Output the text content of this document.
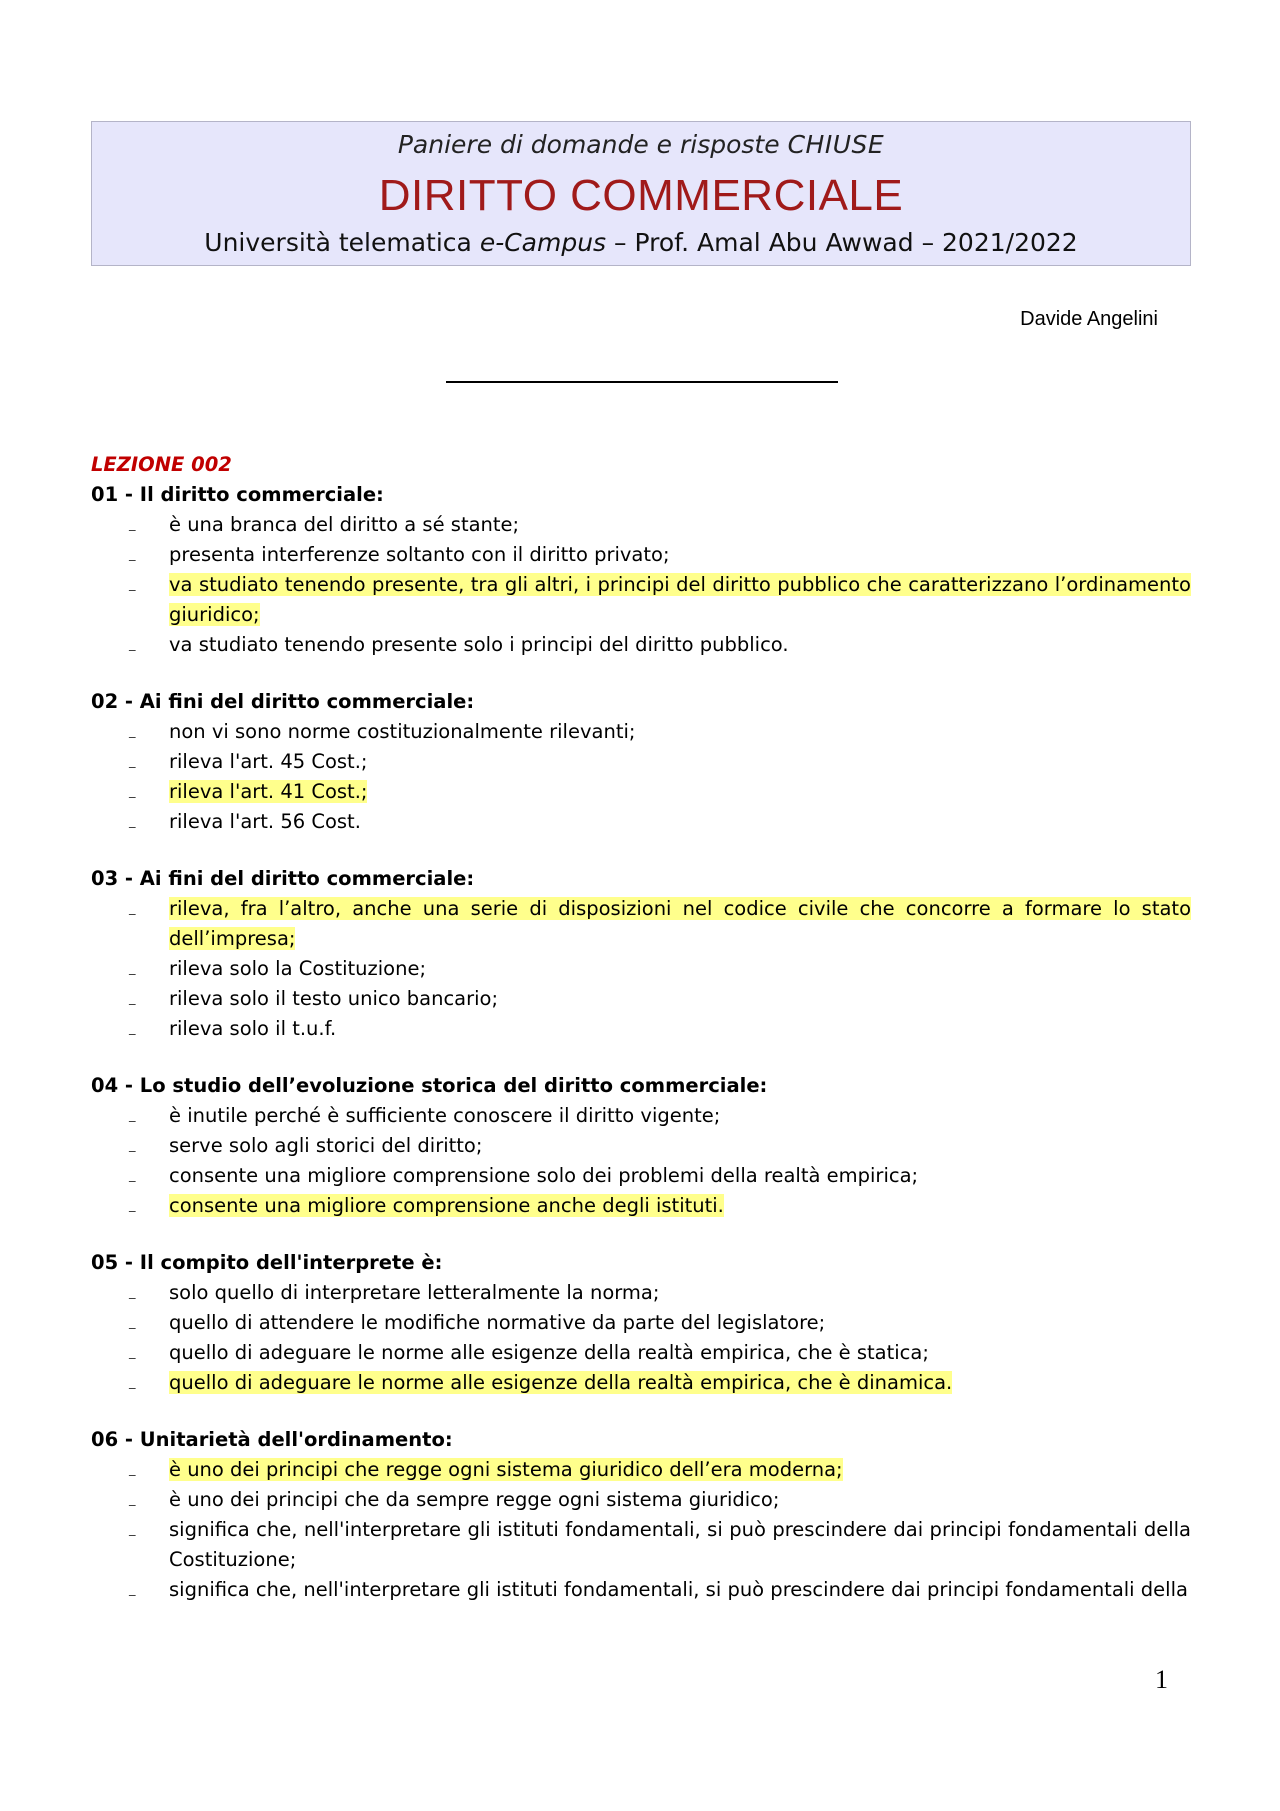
Paniere di domande e risposte CHIUSE
DIRITTO COMMERCIALE
Università telematica e-Campus – Prof. Amal Abu Awwad – 2021/2022
Davide Angelini
LEZIONE 002
01 - Il diritto commerciale:
_ è una branca del diritto a sé stante;
_ presenta interferenze soltanto con il diritto privato;
_ va studiato tenendo presente, tra gli altri, i principi del diritto pubblico che caratterizzano l’ordinamento giuridico;
_ va studiato tenendo presente solo i principi del diritto pubblico.
02 - Ai fini del diritto commerciale:
_ non vi sono norme costituzionalmente rilevanti;
_ rileva l'art. 45 Cost.;
_ rileva l'art. 41 Cost.;
_ rileva l'art. 56 Cost.
03 - Ai fini del diritto commerciale:
_ rileva, fra l’altro, anche una serie di disposizioni nel codice civile che concorre a formare lo stato dell’impresa;
_ rileva solo la Costituzione;
_ rileva solo il testo unico bancario;
_ rileva solo il t.u.f.
04 - Lo studio dell’evoluzione storica del diritto commerciale:
_ è inutile perché è sufficiente conoscere il diritto vigente;
_ serve solo agli storici del diritto;
_ consente una migliore comprensione solo dei problemi della realtà empirica;
_ consente una migliore comprensione anche degli istituti.
05 - Il compito dell'interprete è:
_ solo quello di interpretare letteralmente la norma;
_ quello di attendere le modifiche normative da parte del legislatore;
_ quello di adeguare le norme alle esigenze della realtà empirica, che è statica;
_ quello di adeguare le norme alle esigenze della realtà empirica, che è dinamica.
06 - Unitarietà dell'ordinamento:
_ è uno dei principi che regge ogni sistema giuridico dell’era moderna;
_ è uno dei principi che da sempre regge ogni sistema giuridico;
_ significa che, nell'interpretare gli istituti fondamentali, si può prescindere dai principi fondamentali della Costituzione;
_ significa che, nell'interpretare gli istituti fondamentali, si può prescindere dai principi fondamentali della
1
